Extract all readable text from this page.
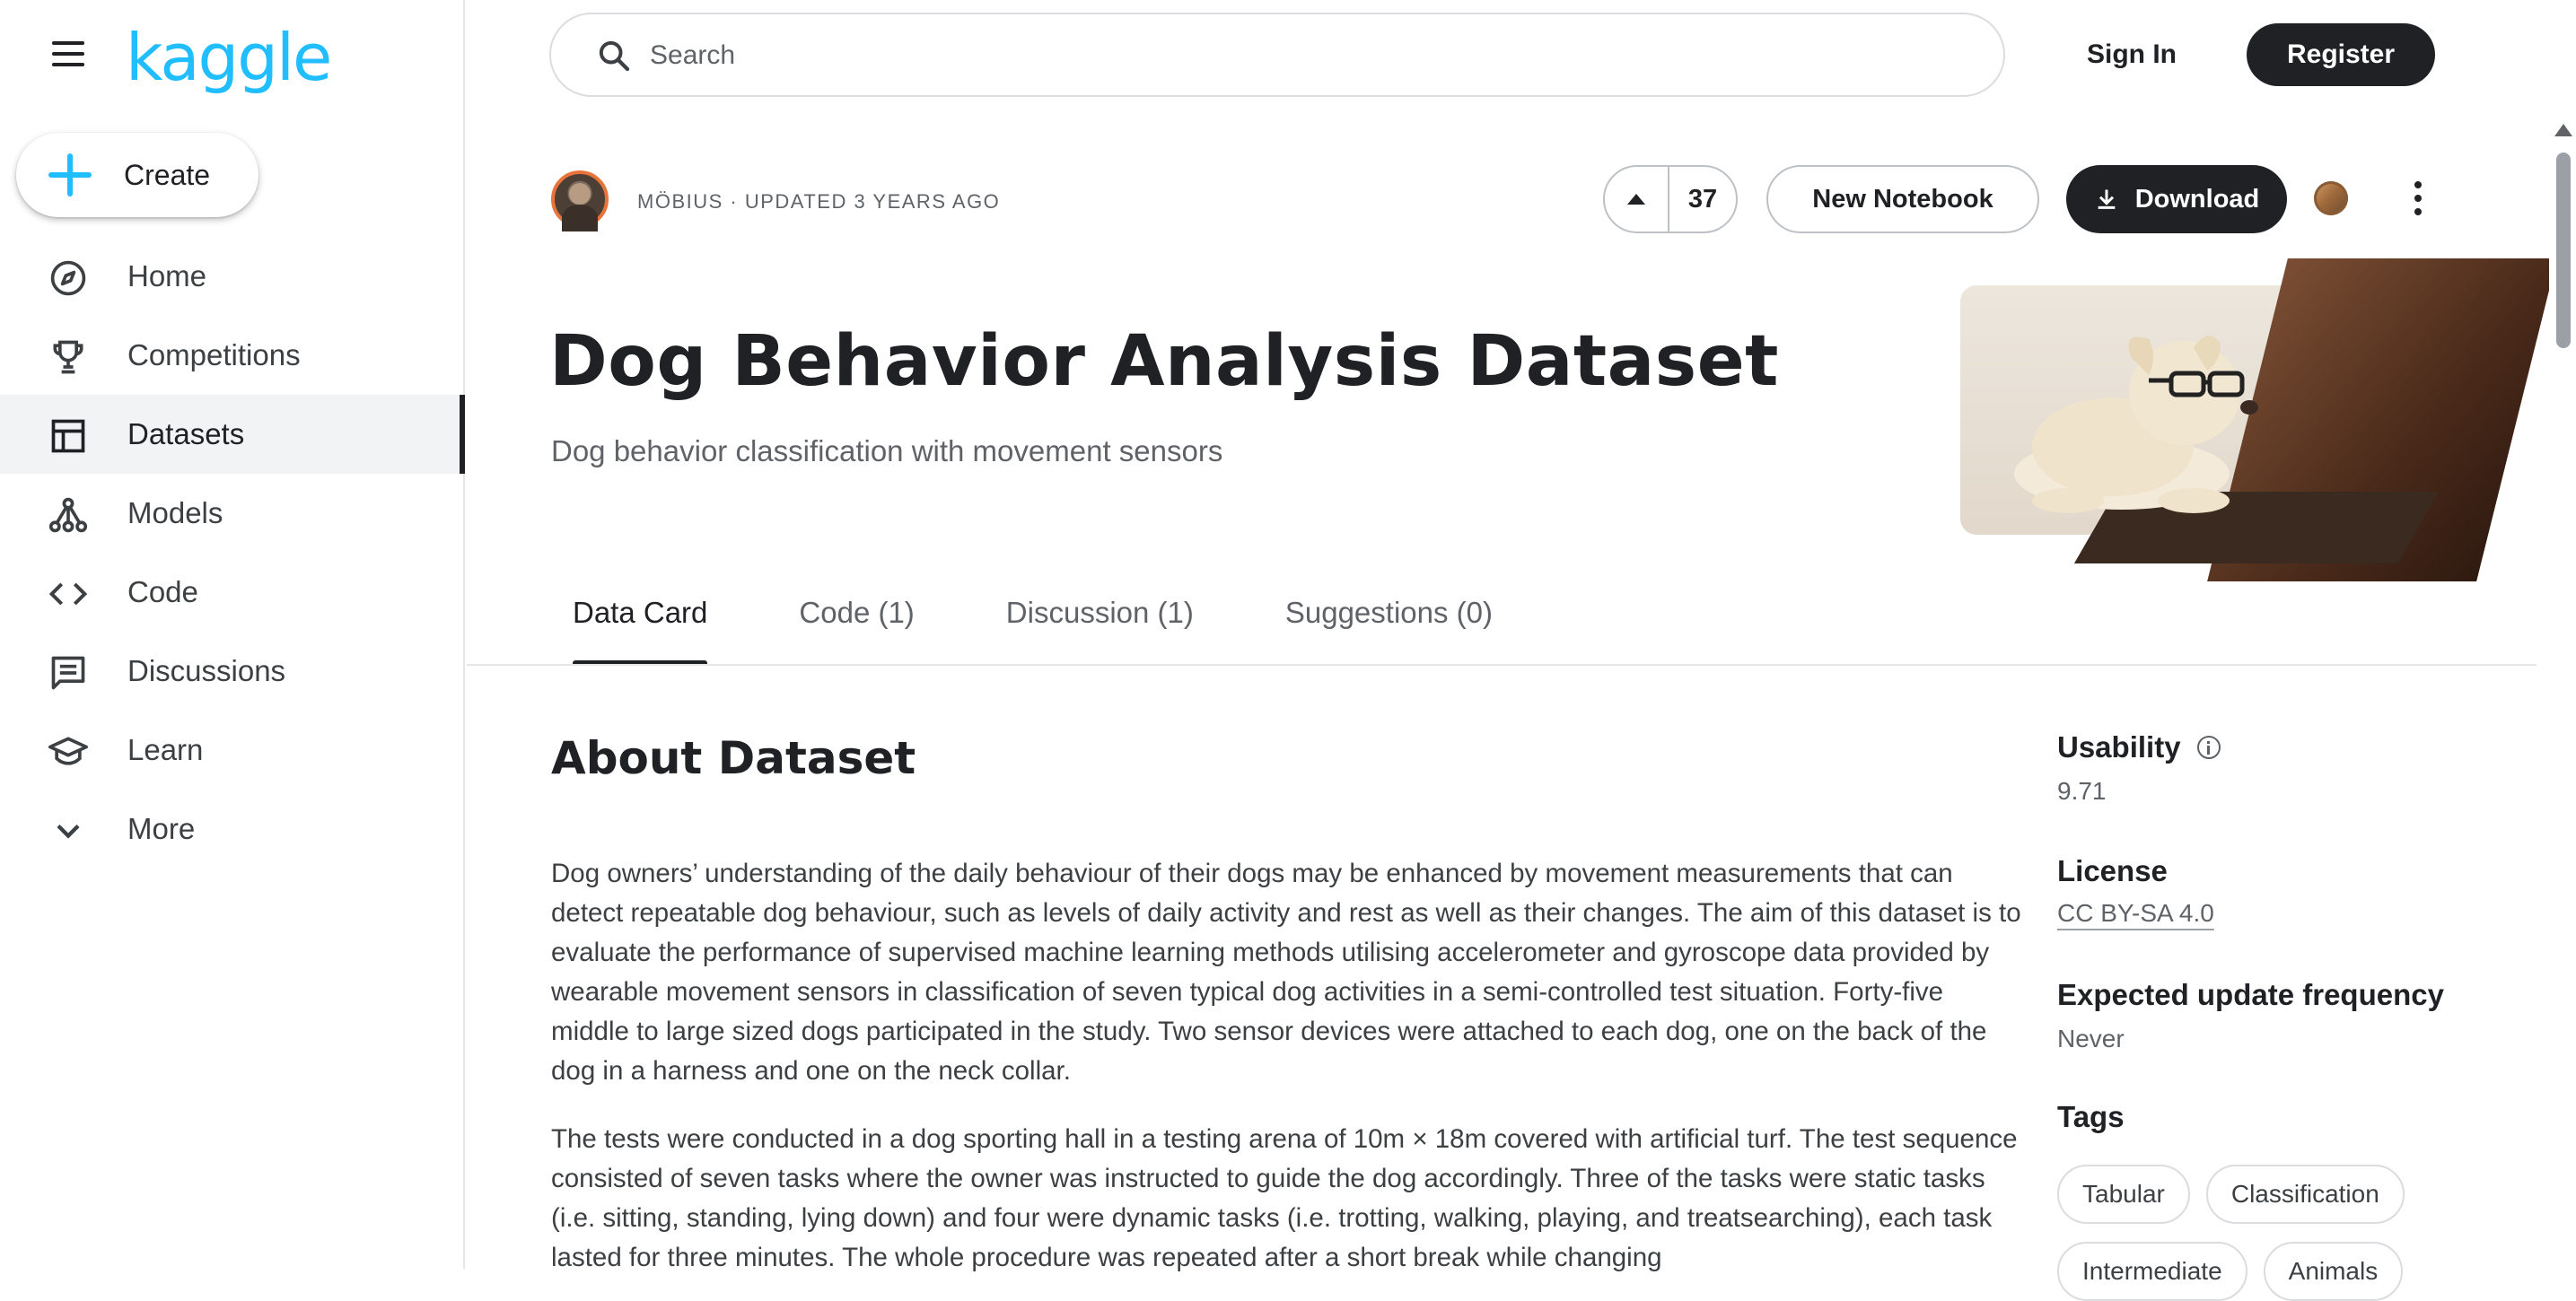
kaggle
Create
Home
Competitions
Datasets
Models
Code
Discussions
Learn
More
Search
Sign In	Register
MÖBIUS · UPDATED 3 YEARS AGO	37	New Notebook	Download
Dog Behavior Analysis Dataset
Dog behavior classification with movement sensors
Data Card	Code (1)	Discussion (1)	Suggestions (0)
About Dataset

Dog owners’ understanding of the daily behaviour of their dogs may be enhanced by movement measurements that can detect repeatable dog behaviour, such as levels of daily activity and rest as well as their changes. The aim of this dataset is to evaluate the performance of supervised machine learning methods utilising accelerometer and gyroscope data provided by wearable movement sensors in classification of seven typical dog activities in a semi-controlled test situation. Forty-five middle to large sized dogs participated in the study. Two sensor devices were attached to each dog, one on the back of the dog in a harness and one on the neck collar.

The tests were conducted in a dog sporting hall in a testing arena of 10m × 18m covered with artificial turf. The test sequence consisted of seven tasks where the owner was instructed to guide the dog accordingly. Three of the tasks were static tasks (i.e. sitting, standing, lying down) and four were dynamic tasks (i.e. trotting, walking, playing, and treatsearching), each task lasted for three minutes. The whole procedure was repeated after a short break while changing

Usability
9.71
License
CC BY-SA 4.0
Expected update frequency
Never
Tags
Tabular	Classification
Intermediate	Animals
